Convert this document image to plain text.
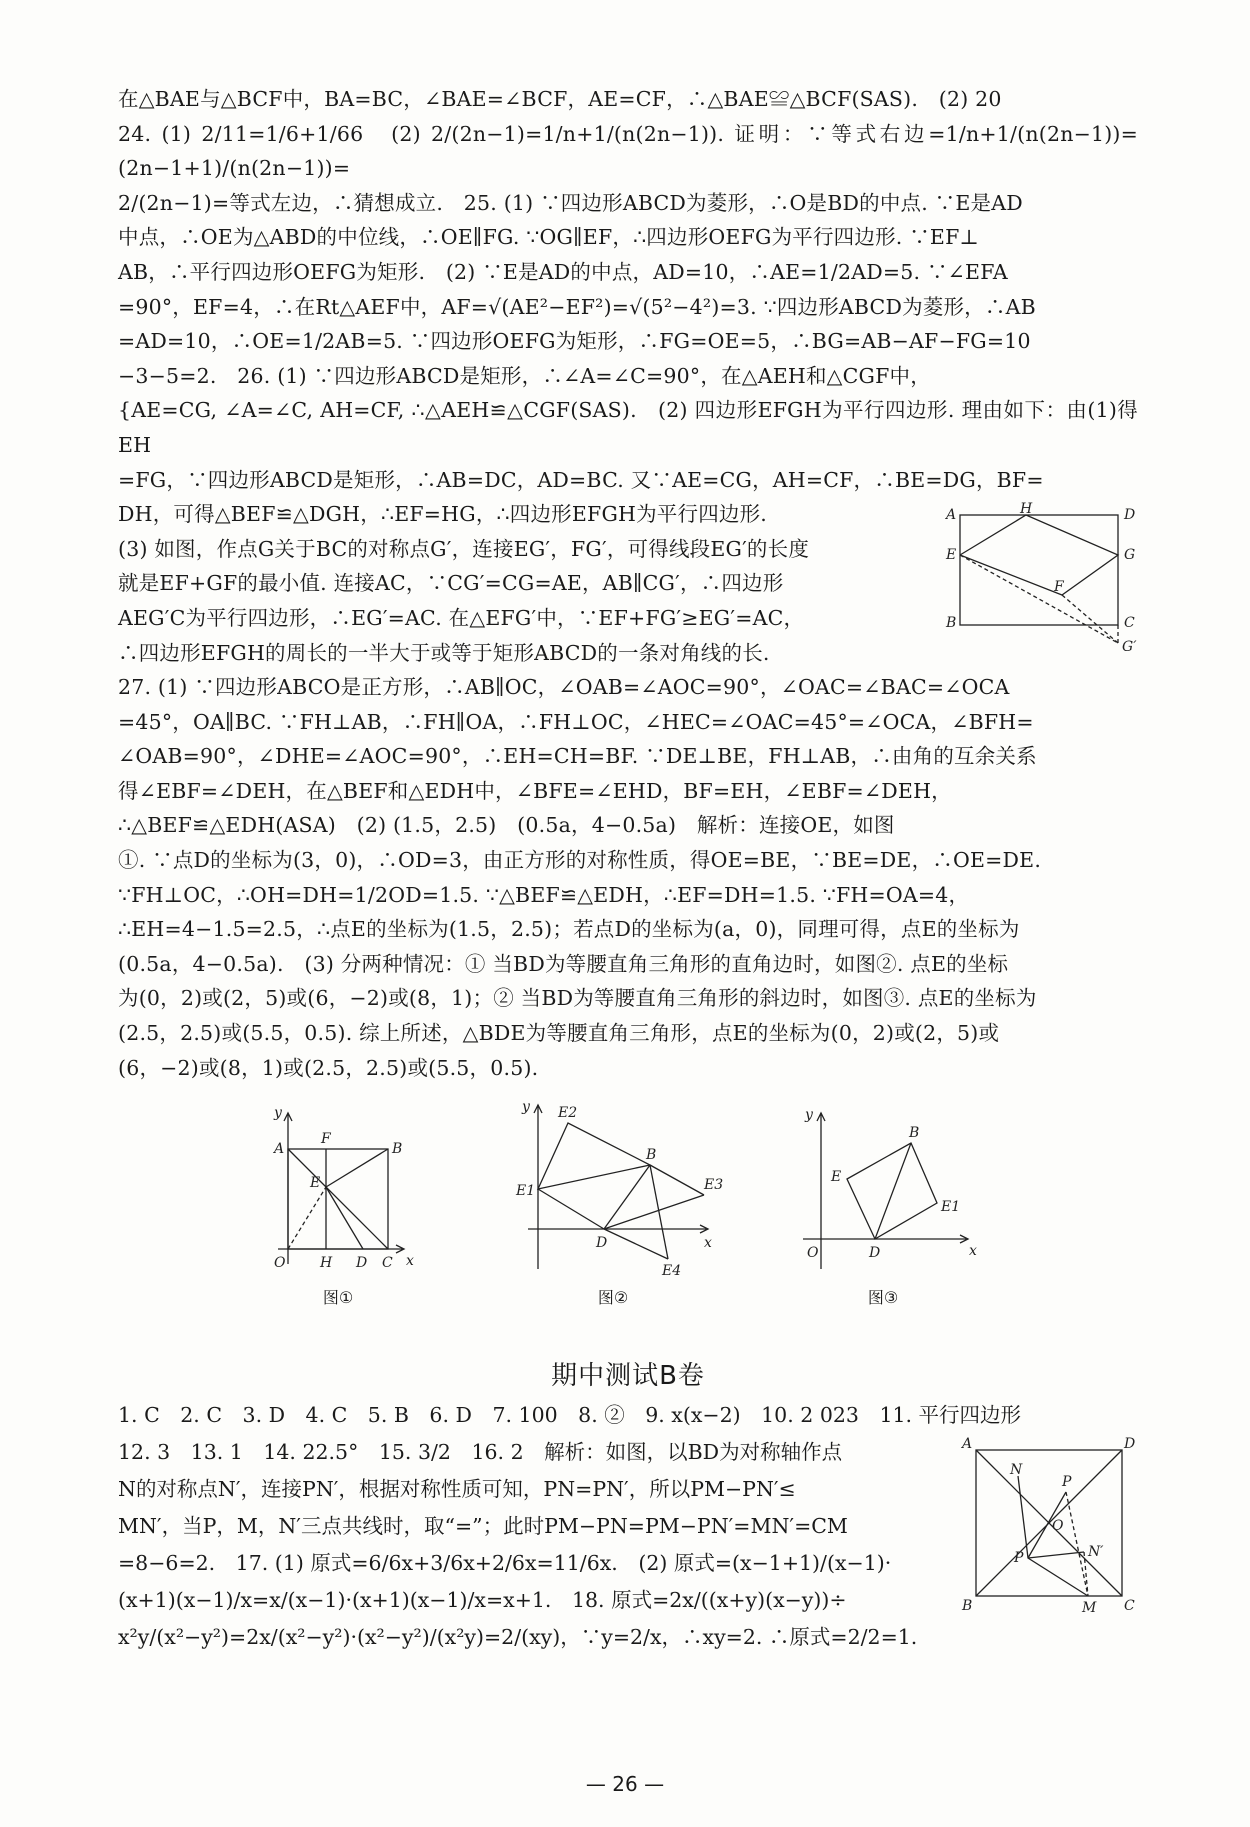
在△BAE与△BCF中，BA=BC，∠BAE=∠BCF，AE=CF，∴△BAE≌△BCF(SAS).　(2) 20
24. (1) 2/11=1/6+1/66　(2) 2/(2n−1)=1/n+1/(n(2n−1)). 证明：∵等式右边=1/n+1/(n(2n−1))=(2n−1+1)/(n(2n−1))=
2/(2n−1)=等式左边，∴猜想成立.　25. (1) ∵四边形ABCD为菱形，∴O是BD的中点. ∵E是AD
中点，∴OE为△ABD的中位线，∴OE∥FG. ∵OG∥EF，∴四边形OEFG为平行四边形. ∵EF⊥
AB，∴平行四边形OEFG为矩形.　(2) ∵E是AD的中点，AD=10，∴AE=1/2AD=5. ∵∠EFA
=90°，EF=4，∴在Rt△AEF中，AF=√(AE²−EF²)=√(5²−4²)=3. ∵四边形ABCD为菱形，∴AB
=AD=10，∴OE=1/2AB=5. ∵四边形OEFG为矩形，∴FG=OE=5，∴BG=AB−AF−FG=10
−3−5=2.　26. (1) ∵四边形ABCD是矩形，∴∠A=∠C=90°，在△AEH和△CGF中，
{AE=CG, ∠A=∠C, AH=CF, ∴△AEH≌△CGF(SAS).　(2) 四边形EFGH为平行四边形. 理由如下：由(1)得EH
=FG，∵四边形ABCD是矩形，∴AB=DC，AD=BC. 又∵AE=CG，AH=CF，∴BE=DG，BF=
DH，可得△BEF≌△DGH，∴EF=HG，∴四边形EFGH为平行四边形.
(3) 如图，作点G关于BC的对称点G′，连接EG′，FG′，可得线段EG′的长度
就是EF+GF的最小值. 连接AC，∵CG′=CG=AE，AB∥CG′，∴四边形
AEG′C为平行四边形，∴EG′=AC. 在△EFG′中，∵EF+FG′≥EG′=AC，
∴四边形EFGH的周长的一半大于或等于矩形ABCD的一条对角线的长.
A	H	D
E	G
F
B	C
G′
27. (1) ∵四边形ABCO是正方形，∴AB∥OC，∠OAB=∠AOC=90°，∠OAC=∠BAC=∠OCA
=45°，OA∥BC. ∵FH⊥AB，∴FH∥OA，∴FH⊥OC，∠HEC=∠OAC=45°=∠OCA，∠BFH=
∠OAB=90°，∠DHE=∠AOC=90°，∴EH=CH=BF. ∵DE⊥BE，FH⊥AB，∴由角的互余关系
得∠EBF=∠DEH，在△BEF和△EDH中，∠BFE=∠EHD，BF=EH，∠EBF=∠DEH，
∴△BEF≌△EDH(ASA)　(2) (1.5，2.5)　(0.5a，4−0.5a)　解析：连接OE，如图
①. ∵点D的坐标为(3，0)，∴OD=3，由正方形的对称性质，得OE=BE，∵BE=DE，∴OE=DE.
∵FH⊥OC，∴OH=DH=1/2OD=1.5. ∵△BEF≌△EDH，∴EF=DH=1.5. ∵FH=OA=4，
∴EH=4−1.5=2.5，∴点E的坐标为(1.5，2.5)；若点D的坐标为(a，0)，同理可得，点E的坐标为
(0.5a，4−0.5a).　(3) 分两种情况：① 当BD为等腰直角三角形的直角边时，如图②. 点E的坐标
为(0，2)或(2，5)或(6，−2)或(8，1)；② 当BD为等腰直角三角形的斜边时，如图③. 点E的坐标为
(2.5，2.5)或(5.5，0.5). 综上所述，△BDE为等腰直角三角形，点E的坐标为(0，2)或(2，5)或
(6，−2)或(8，1)或(2.5，2.5)或(5.5，0.5).
y
A
F
B
E
O H D C x
图①
y E2
B
E1	E3
D
E4
x
图②
y
B
E
E1
O	D	x
图③
期中测试B卷
1. C　2. C　3. D　4. C　5. B　6. D　7. 100　8. ②　9. x(x−2)　10. 2 023　11. 平行四边形
12. 3　13. 1　14. 22.5°　15. 3/2　16. 2　解析：如图，以BD为对称轴作点
N的对称点N′，连接PN′，根据对称性质可知，PN=PN′，所以PM−PN′≤
MN′，当P，M，N′三点共线时，取“=”；此时PM−PN=PM−PN′=MN′=CM
=8−6=2.　17. (1) 原式=6/6x+3/6x+2/6x=11/6x.　(2) 原式=(x−1+1)/(x−1)·
(x+1)(x−1)/x=x/(x−1)·(x+1)(x−1)/x=x+1.　18. 原式=2x/((x+y)(x−y))÷
x²y/(x²−y²)=2x/(x²−y²)·(x²−y²)/(x²y)=2/(xy)，∵y=2/x，∴xy=2. ∴原式=2/2=1.
A	D
N
P
O
P	N′
B	M C
— 26 —
